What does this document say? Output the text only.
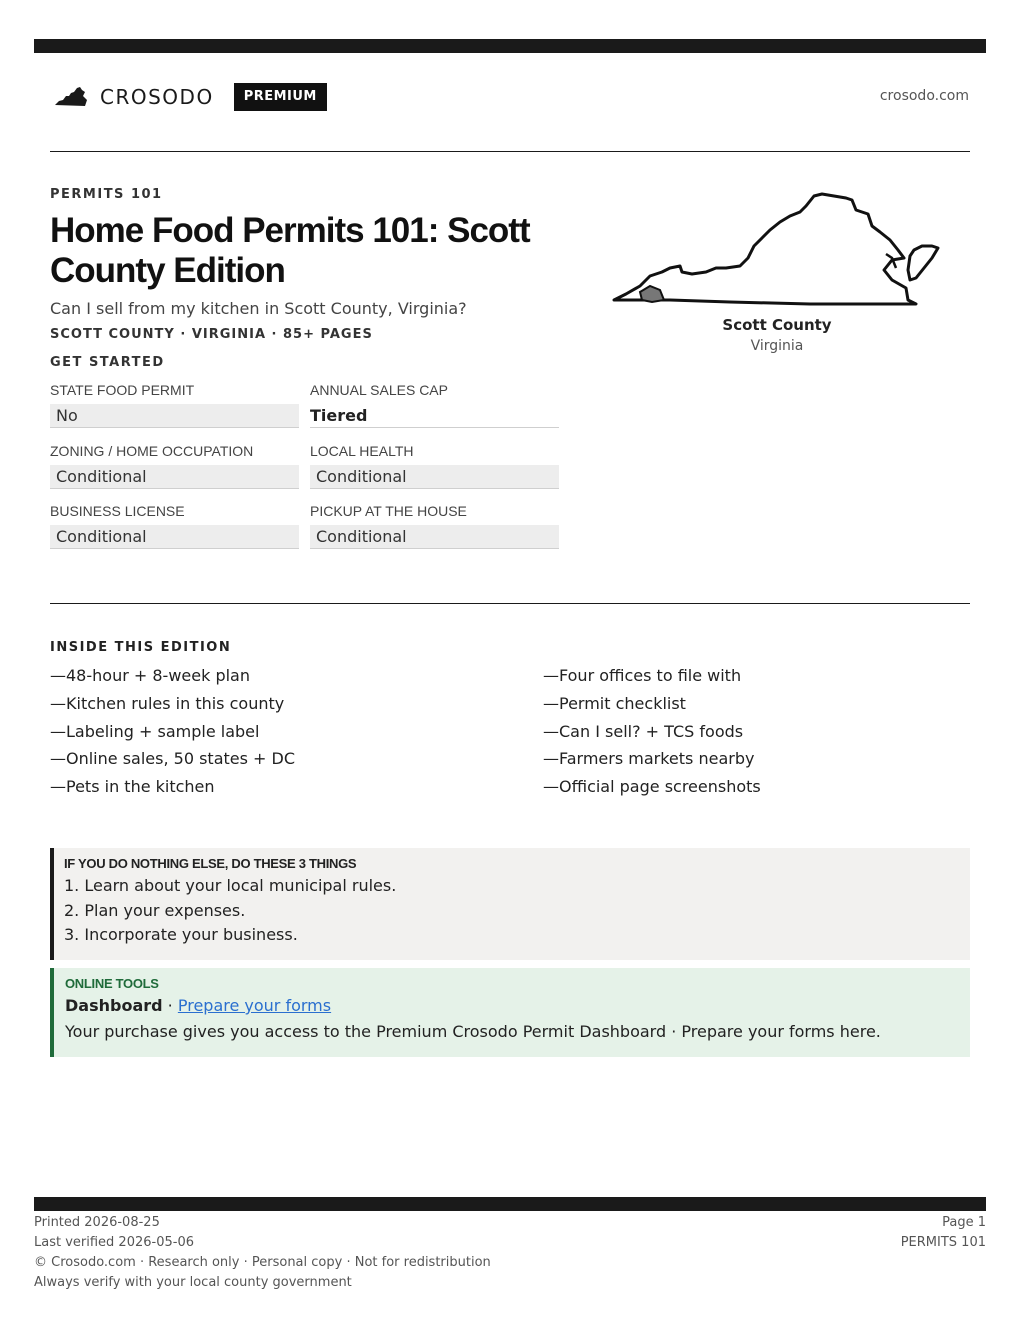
CROSODO	PREMIUM	crosodo.com
PERMITS 101
Home Food Permits 101: Scott County Edition
Can I sell from my kitchen in Scott County, Virginia?
SCOTT COUNTY · VIRGINIA · 85+ PAGES
GET STARTED
STATE FOOD PERMIT
No
ANNUAL SALES CAP
Tiered
ZONING / HOME OCCUPATION
Conditional
LOCAL HEALTH
Conditional
BUSINESS LICENSE
Conditional
PICKUP AT THE HOUSE
Conditional
Scott County
Virginia
INSIDE THIS EDITION
—48-hour + 8-week plan
—Kitchen rules in this county
—Labeling + sample label
—Online sales, 50 states + DC
—Pets in the kitchen
—Four offices to file with
—Permit checklist
—Can I sell? + TCS foods
—Farmers markets nearby
—Official page screenshots
IF YOU DO NOTHING ELSE, DO THESE 3 THINGS
1. Learn about your local municipal rules.
2. Plan your expenses.
3. Incorporate your business.
ONLINE TOOLS
Dashboard · Prepare your forms
Your purchase gives you access to the Premium Crosodo Permit Dashboard · Prepare your forms here.
Printed 2026-08-25
Last verified 2026-05-06
© Crosodo.com · Research only · Personal copy · Not for redistribution
Always verify with your local county government
Page 1
PERMITS 101
